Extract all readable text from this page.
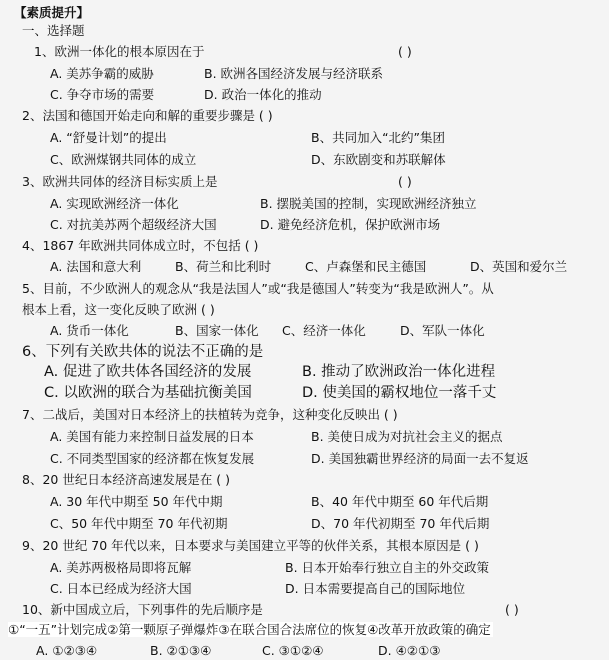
【素质提升】
一、选择题
1、欧洲一体化的根本原因在于	( )
A. 美苏争霸的威胁	B. 欧洲各国经济发展与经济联系
C. 争夺市场的需要	D. 政治一体化的推动
2、法国和德国开始走向和解的重要步骤是 ( )
A. “舒曼计划”的提出	B、共同加入“北约”集团
C、欧洲煤钢共同体的成立	D、东欧剧变和苏联解体
3、欧洲共同体的经济目标实质上是	( )
A. 实现欧洲经济一体化	B. 摆脱美国的控制，实现欧洲经济独立
C. 对抗美苏两个超级经济大国	D. 避免经济危机，保护欧洲市场
4、1867 年欧洲共同体成立时，不包括 ( )
A. 法国和意大利	B、荷兰和比利时	C、卢森堡和民主德国	D、英国和爱尔兰
5、目前，不少欧洲人的观念从“我是法国人”或“我是德国人”转变为“我是欧洲人”。从
根本上看，这一变化反映了欧洲 ( )
A. 货币一体化	B、国家一体化 C、经济一体化	D、军队一体化
6、下列有关欧共体的说法不正确的是
A. 促进了欧共体各国经济的发展	B. 推动了欧洲政治一体化进程
C. 以欧洲的联合为基础抗衡美国	D. 使美国的霸权地位一落千丈
7、二战后，美国对日本经济上的扶植转为竞争，这种变化反映出 ( )
A. 美国有能力来控制日益发展的日本	B. 美使日成为对抗社会主义的据点
C. 不同类型国家的经济都在恢复发展	D. 美国独霸世界经济的局面一去不复返
8、20 世纪日本经济高速发展是在 ( )
A. 30 年代中期至 50 年代中期	B、40 年代中期至 60 年代后期
C、50 年代中期至 70 年代初期	D、70 年代初期至 70 年代后期
9、20 世纪 70 年代以来，日本要求与美国建立平等的伙伴关系，其根本原因是 ( )
A. 美苏两极格局即将瓦解	B. 日本开始奉行独立自主的外交政策
C. 日本已经成为经济大国	D. 日本需要提高自己的国际地位
10、新中国成立后，下列事件的先后顺序是	( )
①“一五”计划完成②第一颗原子弹爆炸③在联合国合法席位的恢复④改革开放政策的确定
A. ①②③④	B. ②①③④	C. ③①②④	D. ④②①③
